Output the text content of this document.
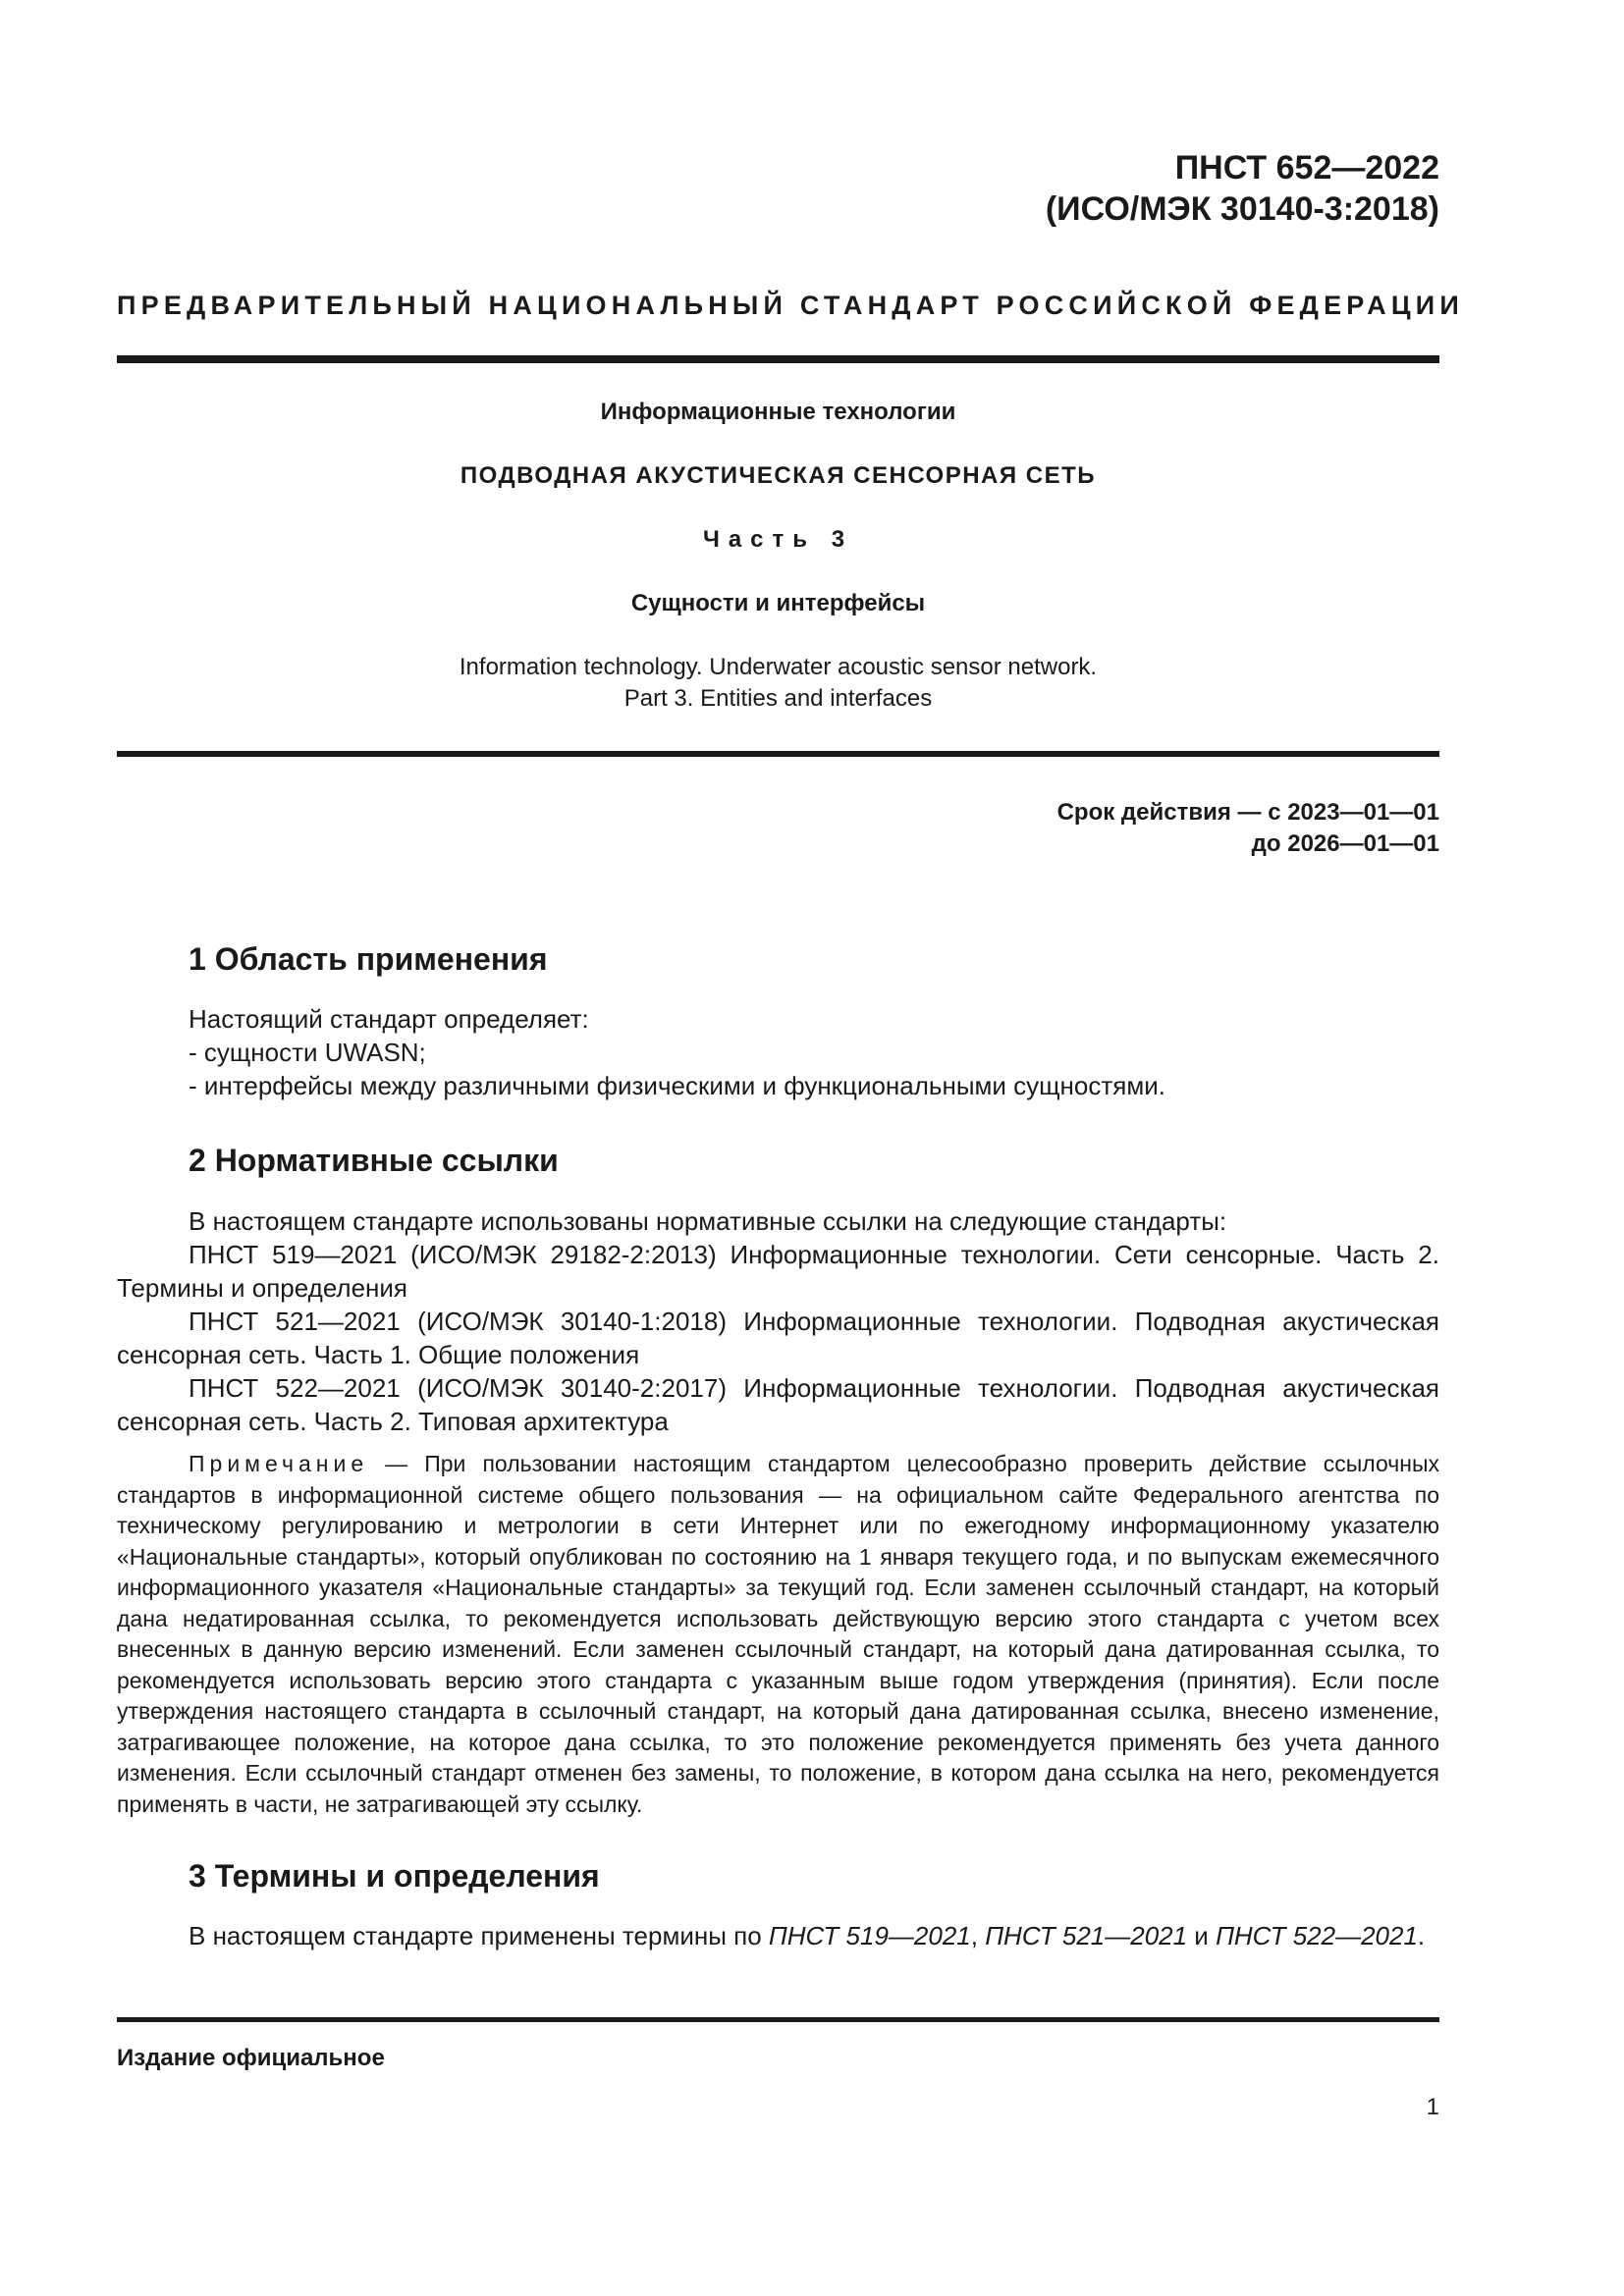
ПНСТ 652—2022
(ИСО/МЭК 30140-3:2018)
ПРЕДВАРИТЕЛЬНЫЙ НАЦИОНАЛЬНЫЙ СТАНДАРТ РОССИЙСКОЙ ФЕДЕРАЦИИ
Информационные технологии
ПОДВОДНАЯ АКУСТИЧЕСКАЯ СЕНСОРНАЯ СЕТЬ
Часть 3
Сущности и интерфейсы
Information technology. Underwater acoustic sensor network.
Part 3. Entities and interfaces
Срок действия — с 2023—01—01
до 2026—01—01
1 Область применения
Настоящий стандарт определяет:
- сущности UWASN;
- интерфейсы между различными физическими и функциональными сущностями.
2 Нормативные ссылки

В настоящем стандарте использованы нормативные ссылки на следующие стандарты:

ПНСТ 519—2021 (ИСО/МЭК 29182-2:2013) Информационные технологии. Сети сенсорные. Часть 2. Термины и определения

ПНСТ 521—2021 (ИСО/МЭК 30140-1:2018) Информационные технологии. Подводная акустическая сенсорная сеть. Часть 1. Общие положения

ПНСТ 522—2021 (ИСО/МЭК 30140-2:2017) Информационные технологии. Подводная акустическая сенсорная сеть. Часть 2. Типовая архитектура

Примечание — При пользовании настоящим стандартом целесообразно проверить действие ссылочных стандартов в информационной системе общего пользования — на официальном сайте Федерального агентства по техническому регулированию и метрологии в сети Интернет или по ежегодному информационному указателю «Национальные стандарты», который опубликован по состоянию на 1 января текущего года, и по выпускам ежемесячного информационного указателя «Национальные стандарты» за текущий год. Если заменен ссылочный стандарт, на который дана недатированная ссылка, то рекомендуется использовать действующую версию этого стандарта с учетом всех внесенных в данную версию изменений. Если заменен ссылочный стандарт, на который дана датированная ссылка, то рекомендуется использовать версию этого стандарта с указанным выше годом утверждения (принятия). Если после утверждения настоящего стандарта в ссылочный стандарт, на который дана датированная ссылка, внесено изменение, затрагивающее положение, на которое дана ссылка, то это положение рекомендуется применять без учета данного изменения. Если ссылочный стандарт отменен без замены, то положение, в котором дана ссылка на него, рекомендуется применять в части, не затрагивающей эту ссылку.

3 Термины и определения

В настоящем стандарте применены термины по ПНСТ 519—2021, ПНСТ 521—2021 и ПНСТ 522—2021.

Издание официальное
1
